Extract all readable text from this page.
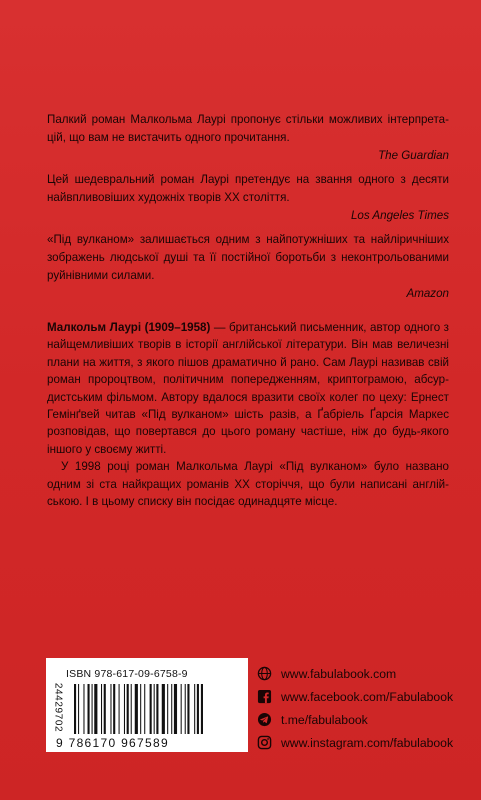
Палкий роман Малкольма Лаурі пропонує стільки можливих інтерпретацій, що вам не вистачить одного прочитання.

The Guardian

Цей шедевральний роман Лаурі претендує на звання одного з десяти найвпливовіших художніх творів XX століття.

Los Angeles Times

«Під вулканом» залишається одним з найпотужніших та найліричніших зображень людської душі та її постійної боротьби з неконтрольованими руйнівними силами.

Amazon

Малкольм Лаурі (1909–1958) — британський письменник, автор одного з найщемливіших творів в історії англійської літератури. Він мав величезні плани на життя, з якого пішов драматично й рано. Сам Лаурі називав свій роман пророцтвом, політичним попередженням, криптограмою, абсурдистським фільмом. Автору вдалося вразити своїх колег по цеху: Ернест Гемінґвей читав «Під вулканом» шість разів, а Ґабріель Ґарсія Маркес розповідав, що повертався до цього роману частіше, ніж до будь-якого іншого у своєму житті.

У 1998 році роман Малкольма Лаурі «Під вулканом» було названо одним зі ста найкращих романів XX сторіччя, що були написані англійською. І в цьому списку він посідає одинадцяте місце.

24429702
ISBN 978-617-09-6758-9
9 786170 967589
www.fabulabook.com
www.facebook.com/Fabulabook
t.me/fabulabook
www.instagram.com/fabulabook
